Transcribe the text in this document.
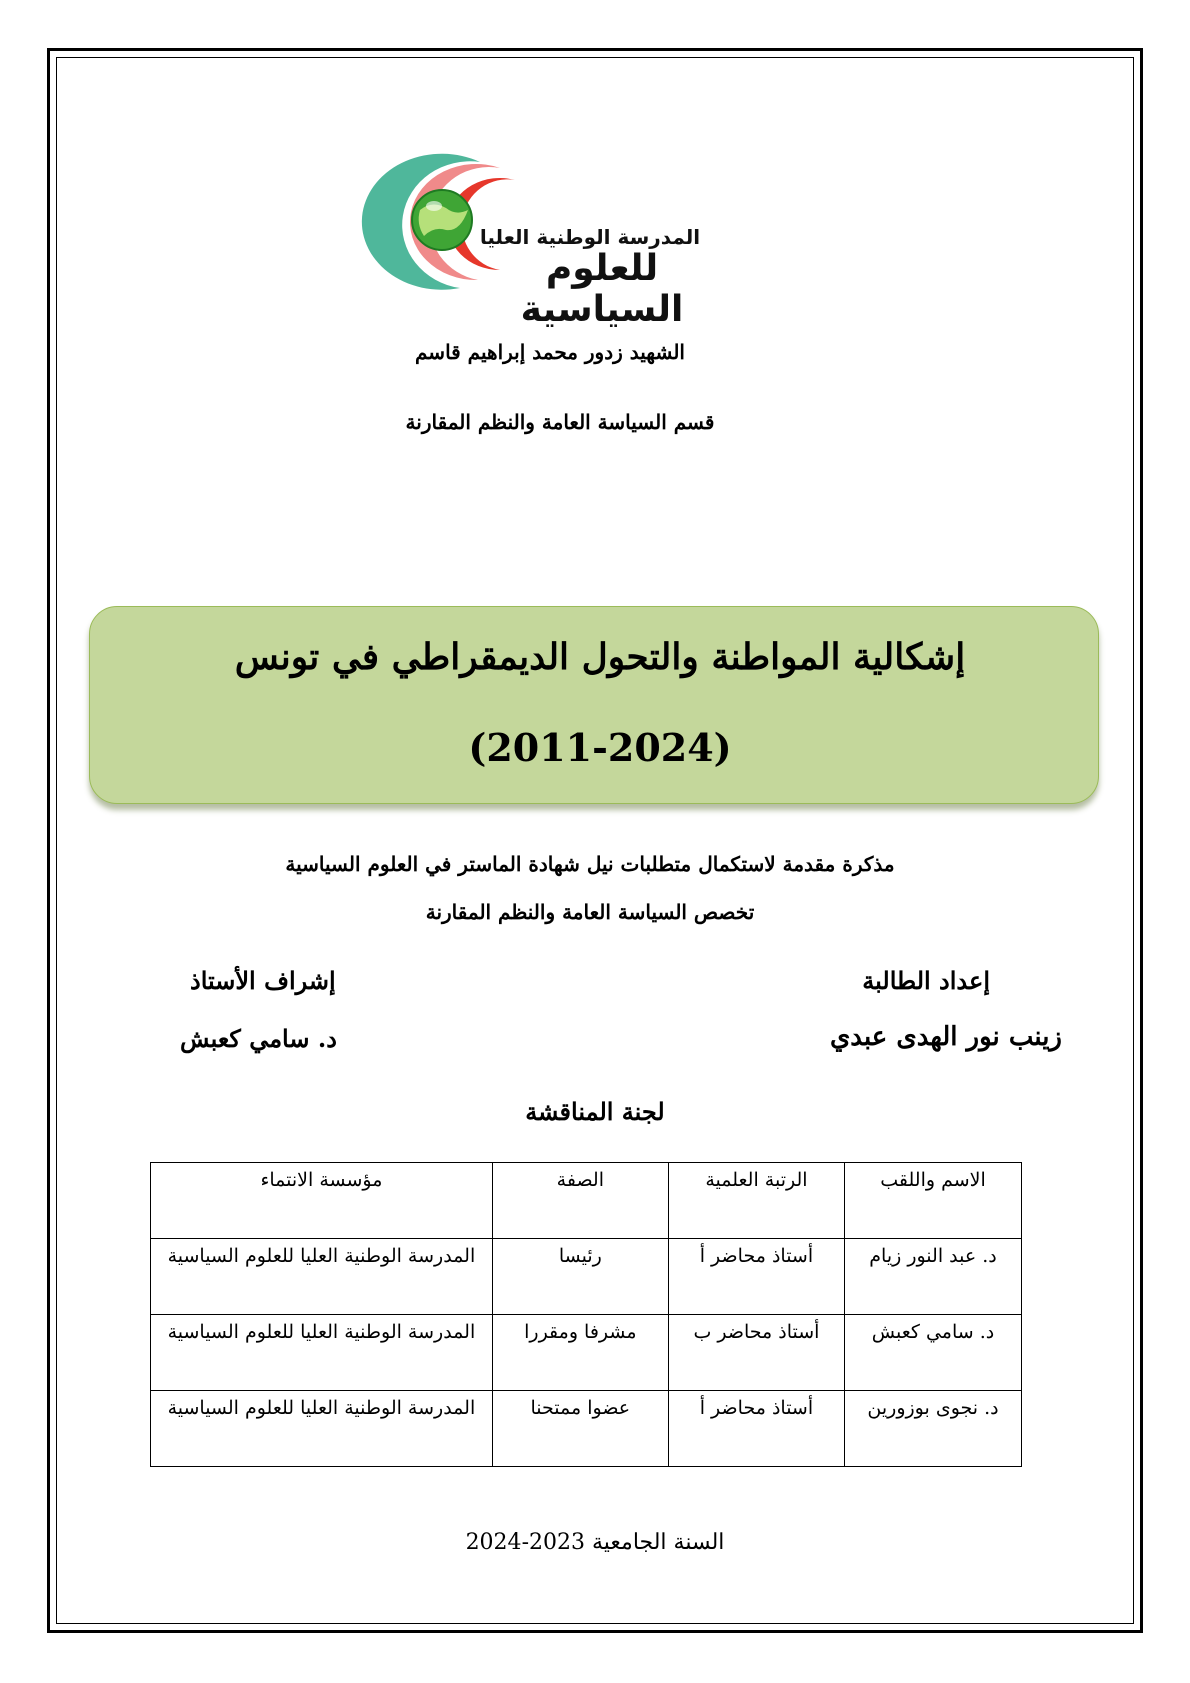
المدرسة الوطنية العليا
للعلوم السياسية
الشهيد زدور محمد إبراهيم قاسم
قسم السياسة العامة والنظم المقارنة
إشكالية المواطنة والتحول الديمقراطي في تونس
(2011-2024)
مذكرة مقدمة لاستكمال متطلبات نيل شهادة الماستر في العلوم السياسية
تخصص السياسة العامة والنظم المقارنة
إعداد الطالبة
إشراف الأستاذ
زينب نور الهدى عبدي
د. سامي كعبش
لجنة المناقشة
الاسم واللقب	الرتبة العلمية	الصفة	مؤسسة الانتماء
د. عبد النور زيام	أستاذ محاضر أ	رئيسا	المدرسة الوطنية العليا للعلوم السياسية
د. سامي كعبش	أستاذ محاضر ب	مشرفا ومقررا	المدرسة الوطنية العليا للعلوم السياسية
د. نجوى بوزورين	أستاذ محاضر أ	عضوا ممتحنا	المدرسة الوطنية العليا للعلوم السياسية
السنة الجامعية 2023-2024
